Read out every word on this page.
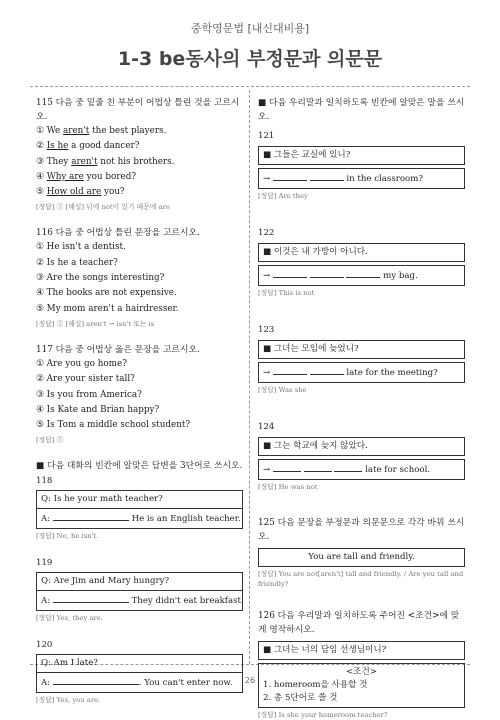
중학영문법 [내신대비용]
1-3 be동사의 부정문과 의문문
26

115 다음 중 밑줄 친 부분이 어법상 틀린 것을 고르시오.

① We aren't the best players.

② Is he a good dancer?

③ They aren't not his brothers.

④ Why are you bored?

⑤ How old are you?

[정답] ③ [해설] 뒤에 not이 있기 때문에 are

116 다음 중 어법상 틀린 문장을 고르시오.

① He isn't a dentist.

② Is he a teacher?

③ Are the songs interesting?

④ The books are not expensive.

⑤ My mom aren't a hairdresser.

[정답] ⑤ [해설] aren't → isn't 또는 is

117 다음 중 어법상 옳은 문장을 고르시오.

① Are you go home?

② Are your sister tall?

③ Is you from America?

④ Is Kate and Brian happy?

⑤ Is Tom a middle school student?

[정답] ⑤

■ 다음 대화의 빈칸에 알맞은 답변을 3단어로 쓰시오.

118

Q: Is he your math teacher?
A:	He is an English teacher.

[정답] No, he isn't.

119

Q: Are Jim and Mary hungry?
A:	They didn't eat breakfast.

[정답] Yes, they are.

120

Q: Am I late?
A:	. You can't enter now.

[정답] Yes, you are.

■ 다음 우리말과 일치하도록 빈칸에 알맞은 말을 쓰시오.

121

■ 그들은 교실에 있니?
→	in the classroom?

[정답] Are they

122

■ 이것은 내 가방이 아니다.
→	my bag.

[정답] This is not

123

■ 그녀는 모임에 늦었니?
→	late for the meeting?

[정답] Was she

124

■ 그는 학교에 늦지 않았다.
→	late for school.

[정답] He was not

125 다음 문장을 부정문과 의문문으로 각각 바꿔 쓰시오.

You are tall and friendly.

[정답] You are not[aren't] tall and friendly. / Are you tall and friendly?

126 다음 우리말과 일치하도록 주어진 <조건>에 맞게 영작하시오.

■ 그녀는 너의 담임 선생님이니?
<조건>
1. homeroom을 사용할 것
2. 총 5단어로 쓸 것

[정답] Is she your homeroom teacher?
